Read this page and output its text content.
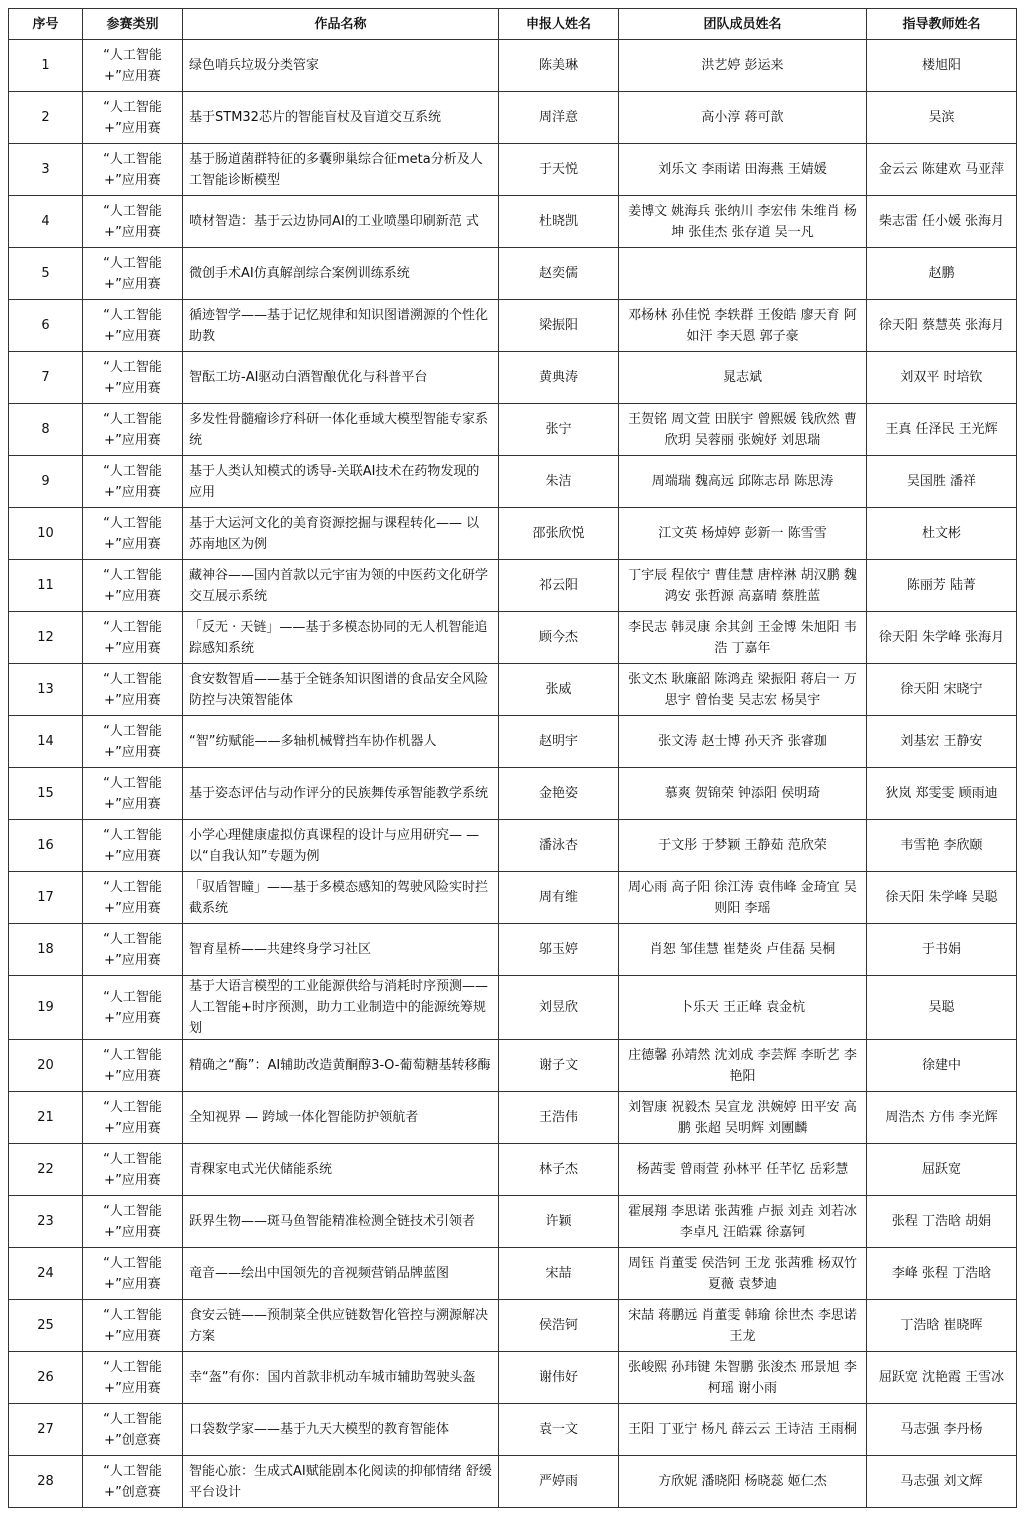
序号	参赛类别	作品名称	申报人姓名	团队成员姓名	指导教师姓名
1	“人工智能+”应用赛	绿色哨兵垃圾分类管家	陈美琳	洪艺婷 彭运来	楼旭阳
2	“人工智能+”应用赛	基于STM32芯片的智能盲杖及盲道交互系统	周洋意	高小淳 蒋可歆	吴滨
3	“人工智能+”应用赛	基于肠道菌群特征的多囊卵巢综合征meta分析及人工智能诊断模型	于天悦	刘乐文 李雨诺 田海燕 王婧媛	金云云 陈建欢 马亚萍
4	“人工智能+”应用赛	喷材智造：基于云边协同AI的工业喷墨印刷新范 式	杜晓凯	姜博文 姚海兵 张纳川 李宏伟 朱维肖 杨坤 张佳杰 张存道 吴一凡	柴志雷 任小媛 张海月
5	“人工智能+”应用赛	微创手术AI仿真解剖综合案例训练系统	赵奕儒		赵鹏
6	“人工智能+”应用赛	循迹智学——基于记忆规律和知识图谱溯源的个性化助教	梁振阳	邓杨林 孙佳悦 李轶群 王俊皓 廖天育 阿如汗 李天恩 郭子豪	徐天阳 蔡慧英 张海月
7	“人工智能+”应用赛	智酝工坊-AI驱动白酒智酿优化与科普平台	黄典涛	晁志斌	刘双平 时培钦
8	“人工智能+”应用赛	多发性骨髓瘤诊疗科研一体化垂域大模型智能专家系统	张宁	王贺铭 周文萱 田朕宇 曾熙媛 钱欣然 曹欣玥 吴蓉丽 张婉妤 刘思瑞	王真 任泽民 王光辉
9	“人工智能+”应用赛	基于人类认知模式的诱导-关联AI技术在药物发现的应用	朱洁	周端瑞 魏高远 邱陈志昂 陈思涛	吴国胜 潘祥
10	“人工智能+”应用赛	基于大运河文化的美育资源挖掘与课程转化—— 以苏南地区为例	邵张欣悦	江文英 杨焯婷 彭新一 陈雪雪	杜文彬
11	“人工智能+”应用赛	藏神谷——国内首款以元宇宙为领的中医药文化研学交互展示系统	祁云阳	丁宇辰 程依宁 曹佳慧 唐梓淋 胡汉鹏 魏鸿安 张哲源 高嘉晴 蔡胜蓝	陈丽芳 陆菁
12	“人工智能+”应用赛	「反无 · 天链」——基于多模态协同的无人机智能追踪感知系统	顾今杰	李民志 韩灵康 余其剑 王金博 朱旭阳 韦浩 丁嘉年	徐天阳 朱学峰 张海月
13	“人工智能+”应用赛	食安数智盾——基于全链条知识图谱的食品安全风险防控与决策智能体	张威	张文杰 耿廉韶 陈鸿垚 梁振阳 蒋启一 万思宇 曾怡斐 吴志宏 杨昊宇	徐天阳 宋晓宁
14	“人工智能+”应用赛	“智”纺赋能——多轴机械臂挡车协作机器人	赵明宇	张文涛 赵士博 孙天齐 张睿珈	刘基宏 王静安
15	“人工智能+”应用赛	基于姿态评估与动作评分的民族舞传承智能教学系统	金艳姿	慕爽 贺锦荣 钟添阳 侯明琦	狄岚 郑雯雯 顾雨迪
16	“人工智能+”应用赛	小学心理健康虚拟仿真课程的设计与应用研究— —以“自我认知”专题为例	潘泳杏	于文彤 于梦颖 王静茹 范欣荣	韦雪艳 李欣颐
17	“人工智能+”应用赛	「驭盾智瞳」——基于多模态感知的驾驶风险实时拦截系统	周有维	周心雨 高子阳 徐江涛 袁伟峰 金琦宜 吴则阳 李瑶	徐天阳 朱学峰 吴聪
18	“人工智能+”应用赛	智育星桥——共建终身学习社区	邬玉婷	肖恕 邹佳慧 崔楚炎 卢佳磊 吴桐	于书娟
19	“人工智能+”应用赛	基于大语言模型的工业能源供给与消耗时序预测——人工智能+时序预测，助力工业制造中的能源统筹规划	刘昱欣	卜乐天 王正峰 袁金杭	吴聪
20	“人工智能+”应用赛	精确之“酶”：AI辅助改造黄酮醇3-O-葡萄糖基转移酶	谢子文	庄德馨 孙靖然 沈刘成 李芸辉 李昕艺 李艳阳	徐建中
21	“人工智能+”应用赛	全知视界 — 跨域一体化智能防护领航者	王浩伟	刘智康 祝毅杰 吴宣龙 洪婉婷 田平安 高鹏 张超 吴明辉 刘團麟	周浩杰 方伟 李光辉
22	“人工智能+”应用赛	青稞家电式光伏储能系统	林子杰	杨茜雯 曾雨萱 孙林平 任芊忆 岳彩慧	屈跃宽
23	“人工智能+”应用赛	跃界生物——斑马鱼智能精准检测全链技术引领者	许颖	霍展翔 李思诺 张茜雅 卢振 刘垚 刘若冰 李卓凡 汪皓霖 徐嘉钶	张程 丁浩晗 胡娟
24	“人工智能+”应用赛	竜音——绘出中国领先的音视频营销品牌蓝图	宋喆	周钰 肖董雯 侯浩钶 王龙 张茜雅 杨双竹 夏薇 袁梦迪	李峰 张程 丁浩晗
25	“人工智能+”应用赛	食安云链——预制菜全供应链数智化管控与溯源解决方案	侯浩钶	宋喆 蒋鹏远 肖董雯 韩瑜 徐世杰 李思诺 王龙	丁浩晗 崔晓晖
26	“人工智能+”应用赛	幸“盔”有你：国内首款非机动车城市辅助驾驶头盔	谢伟好	张峻熙 孙玮键 朱智鹏 张浚杰 邢景旭 李柯瑶 谢小雨	屈跃宽 沈艳霞 王雪冰
27	“人工智能+”创意赛	口袋数学家——基于九天大模型的教育智能体	袁一文	王阳 丁亚宁 杨凡 薛云云 王诗洁 王雨桐	马志强 李丹杨
28	“人工智能+”创意赛	智能心旅：生成式AI赋能剧本化阅读的抑郁情绪 舒缓平台设计	严婷雨	方欣妮 潘晓阳 杨晓蕊 姬仁杰	马志强 刘文辉
